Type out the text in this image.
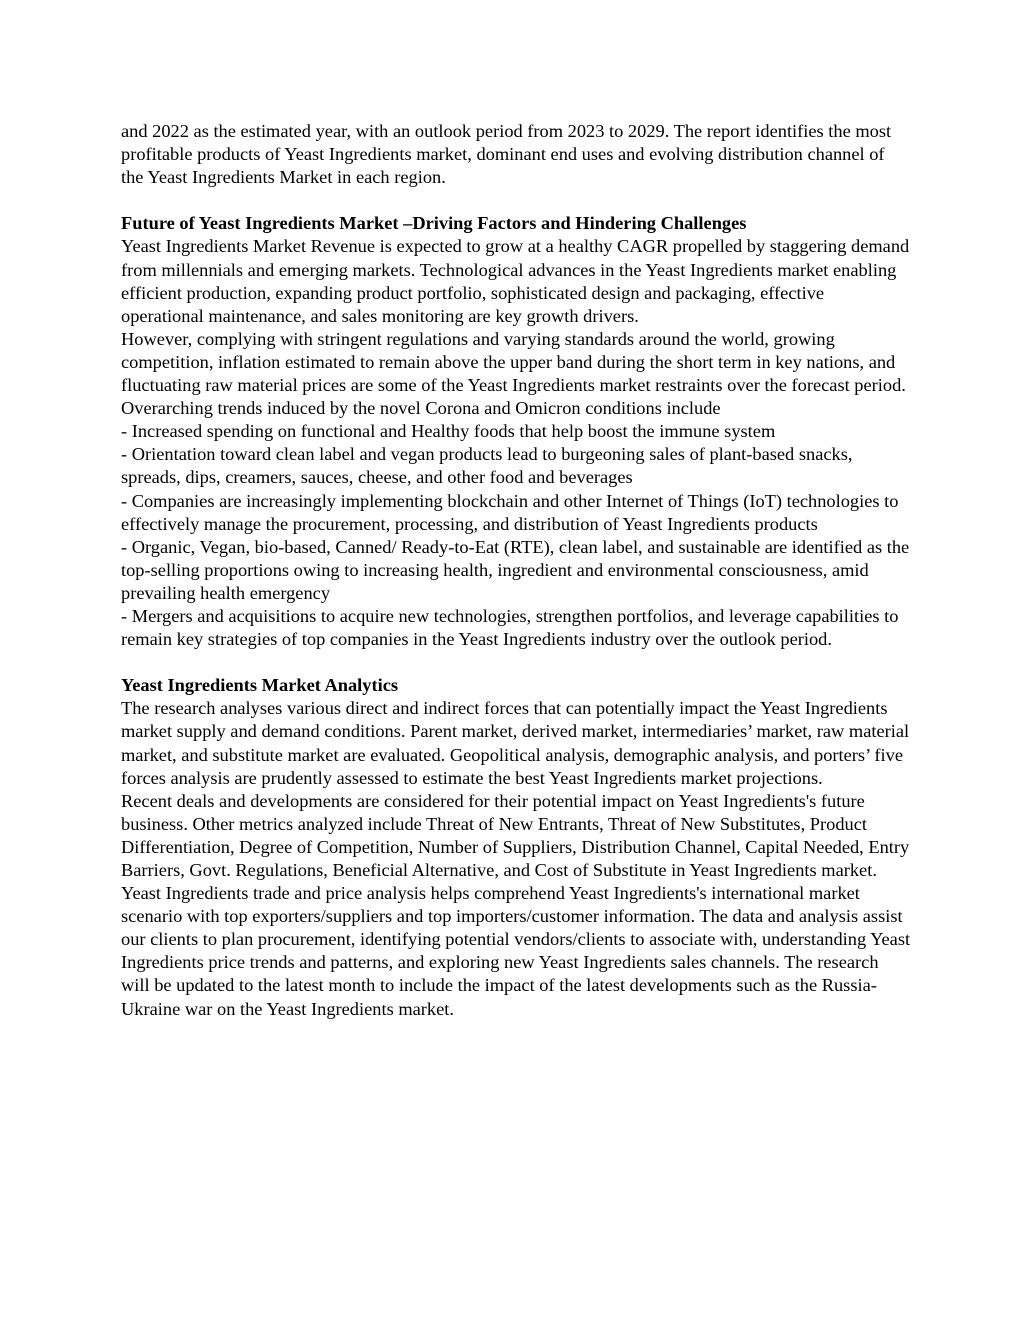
and 2022 as the estimated year, with an outlook period from 2023 to 2029. The report identifies the most profitable products of Yeast Ingredients market, dominant end uses and evolving distribution channel of the Yeast Ingredients Market in each region.

Future of Yeast Ingredients Market –Driving Factors and Hindering Challenges

Yeast Ingredients Market Revenue is expected to grow at a healthy CAGR propelled by staggering demand from millennials and emerging markets. Technological advances in the Yeast Ingredients market enabling efficient production, expanding product portfolio, sophisticated design and packaging, effective operational maintenance, and sales monitoring are key growth drivers.

However, complying with stringent regulations and varying standards around the world, growing competition, inflation estimated to remain above the upper band during the short term in key nations, and fluctuating raw material prices are some of the Yeast Ingredients market restraints over the forecast period.

Overarching trends induced by the novel Corona and Omicron conditions include

- Increased spending on functional and Healthy foods that help boost the immune system

- Orientation toward clean label and vegan products lead to burgeoning sales of plant-based snacks, spreads, dips, creamers, sauces, cheese, and other food and beverages

- Companies are increasingly implementing blockchain and other Internet of Things (IoT) technologies to effectively manage the procurement, processing, and distribution of Yeast Ingredients products

- Organic, Vegan, bio-based, Canned/ Ready-to-Eat (RTE), clean label, and sustainable are identified as the top-selling proportions owing to increasing health, ingredient and environmental consciousness, amid prevailing health emergency

- Mergers and acquisitions to acquire new technologies, strengthen portfolios, and leverage capabilities to remain key strategies of top companies in the Yeast Ingredients industry over the outlook period.

Yeast Ingredients Market Analytics

The research analyses various direct and indirect forces that can potentially impact the Yeast Ingredients market supply and demand conditions. Parent market, derived market, intermediaries’ market, raw material market, and substitute market are evaluated. Geopolitical analysis, demographic analysis, and porters’ five forces analysis are prudently assessed to estimate the best Yeast Ingredients market projections.

Recent deals and developments are considered for their potential impact on Yeast Ingredients's future business. Other metrics analyzed include Threat of New Entrants, Threat of New Substitutes, Product Differentiation, Degree of Competition, Number of Suppliers, Distribution Channel, Capital Needed, Entry Barriers, Govt. Regulations, Beneficial Alternative, and Cost of Substitute in Yeast Ingredients market.

Yeast Ingredients trade and price analysis helps comprehend Yeast Ingredients's international market scenario with top exporters/suppliers and top importers/customer information. The data and analysis assist our clients to plan procurement, identifying potential vendors/clients to associate with, understanding Yeast Ingredients price trends and patterns, and exploring new Yeast Ingredients sales channels. The research will be updated to the latest month to include the impact of the latest developments such as the Russia-Ukraine war on the Yeast Ingredients market.
